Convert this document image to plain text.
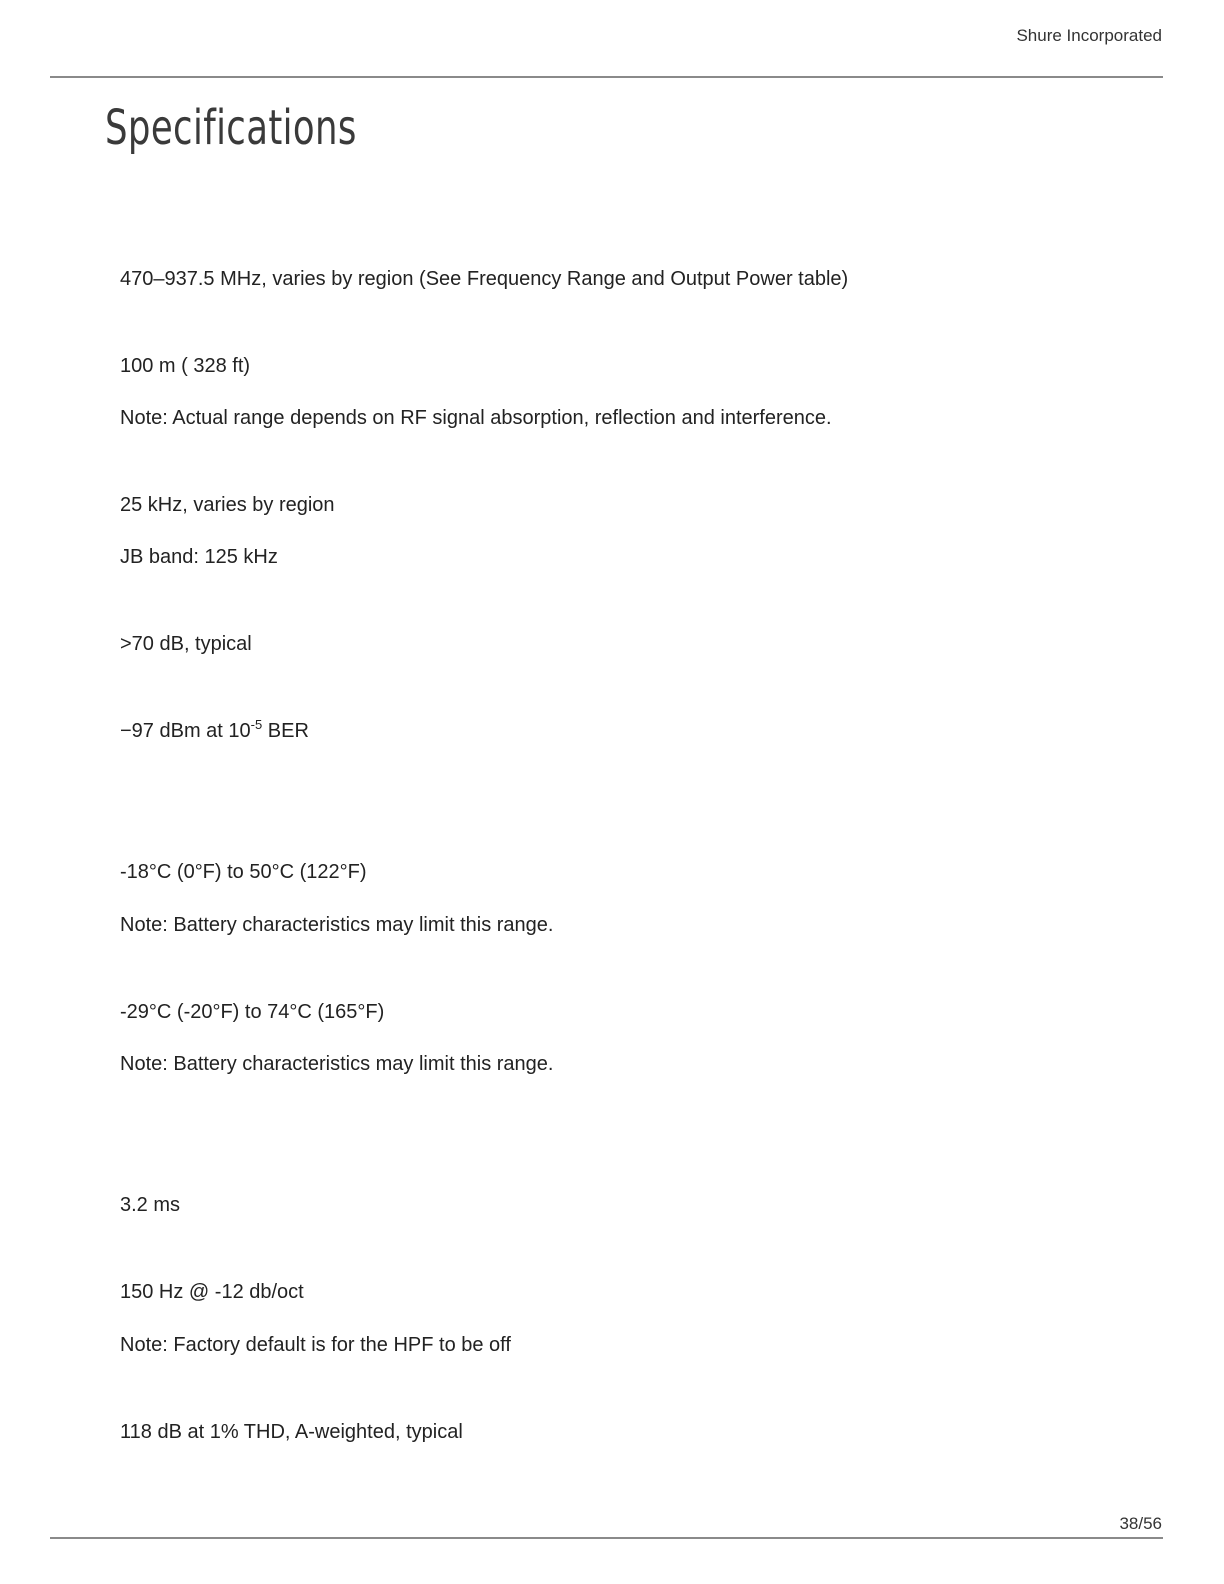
Shure Incorporated
Specifications

470–937.5 MHz, varies by region (See Frequency Range and Output Power table)

100 m ( 328 ft)

Note: Actual range depends on RF signal absorption, reflection and interference.

25 kHz, varies by region

JB band: 125 kHz

>70 dB, typical

−97 dBm at $10^{-5}$ BER

-18°C (0°F) to 50°C (122°F)

Note: Battery characteristics may limit this range.

-29°C (-20°F) to 74°C (165°F)

Note: Battery characteristics may limit this range.

3.2 ms

150 Hz @ -12 db/oct

Note: Factory default is for the HPF to be off

118 dB at 1% THD, A-weighted, typical

38/56
